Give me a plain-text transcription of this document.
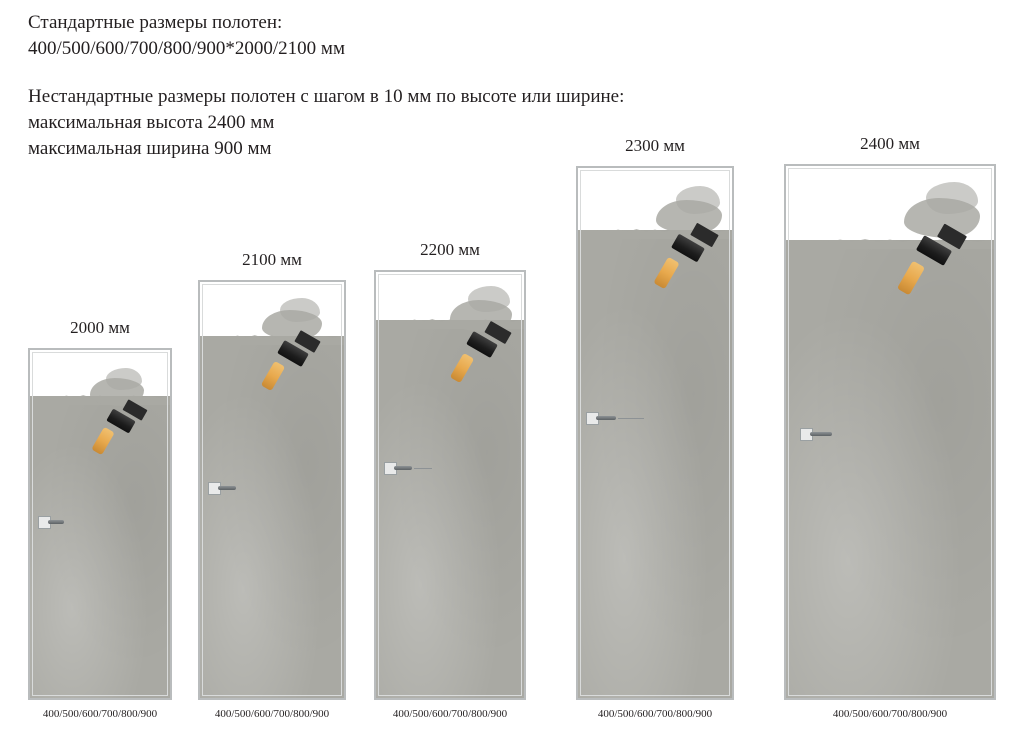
Стандартные размеры полотен:
400/500/600/700/800/900*2000/2100 мм
Нестандартные размеры полотен с шагом в 10 мм по высоте или ширине:
максимальная высота 2400 мм
максимальная ширина 900 мм
2000 мм
400/500/600/700/800/900
2100 мм
400/500/600/700/800/900
2200 мм
400/500/600/700/800/900
2300 мм
400/500/600/700/800/900
2400 мм
400/500/600/700/800/900
